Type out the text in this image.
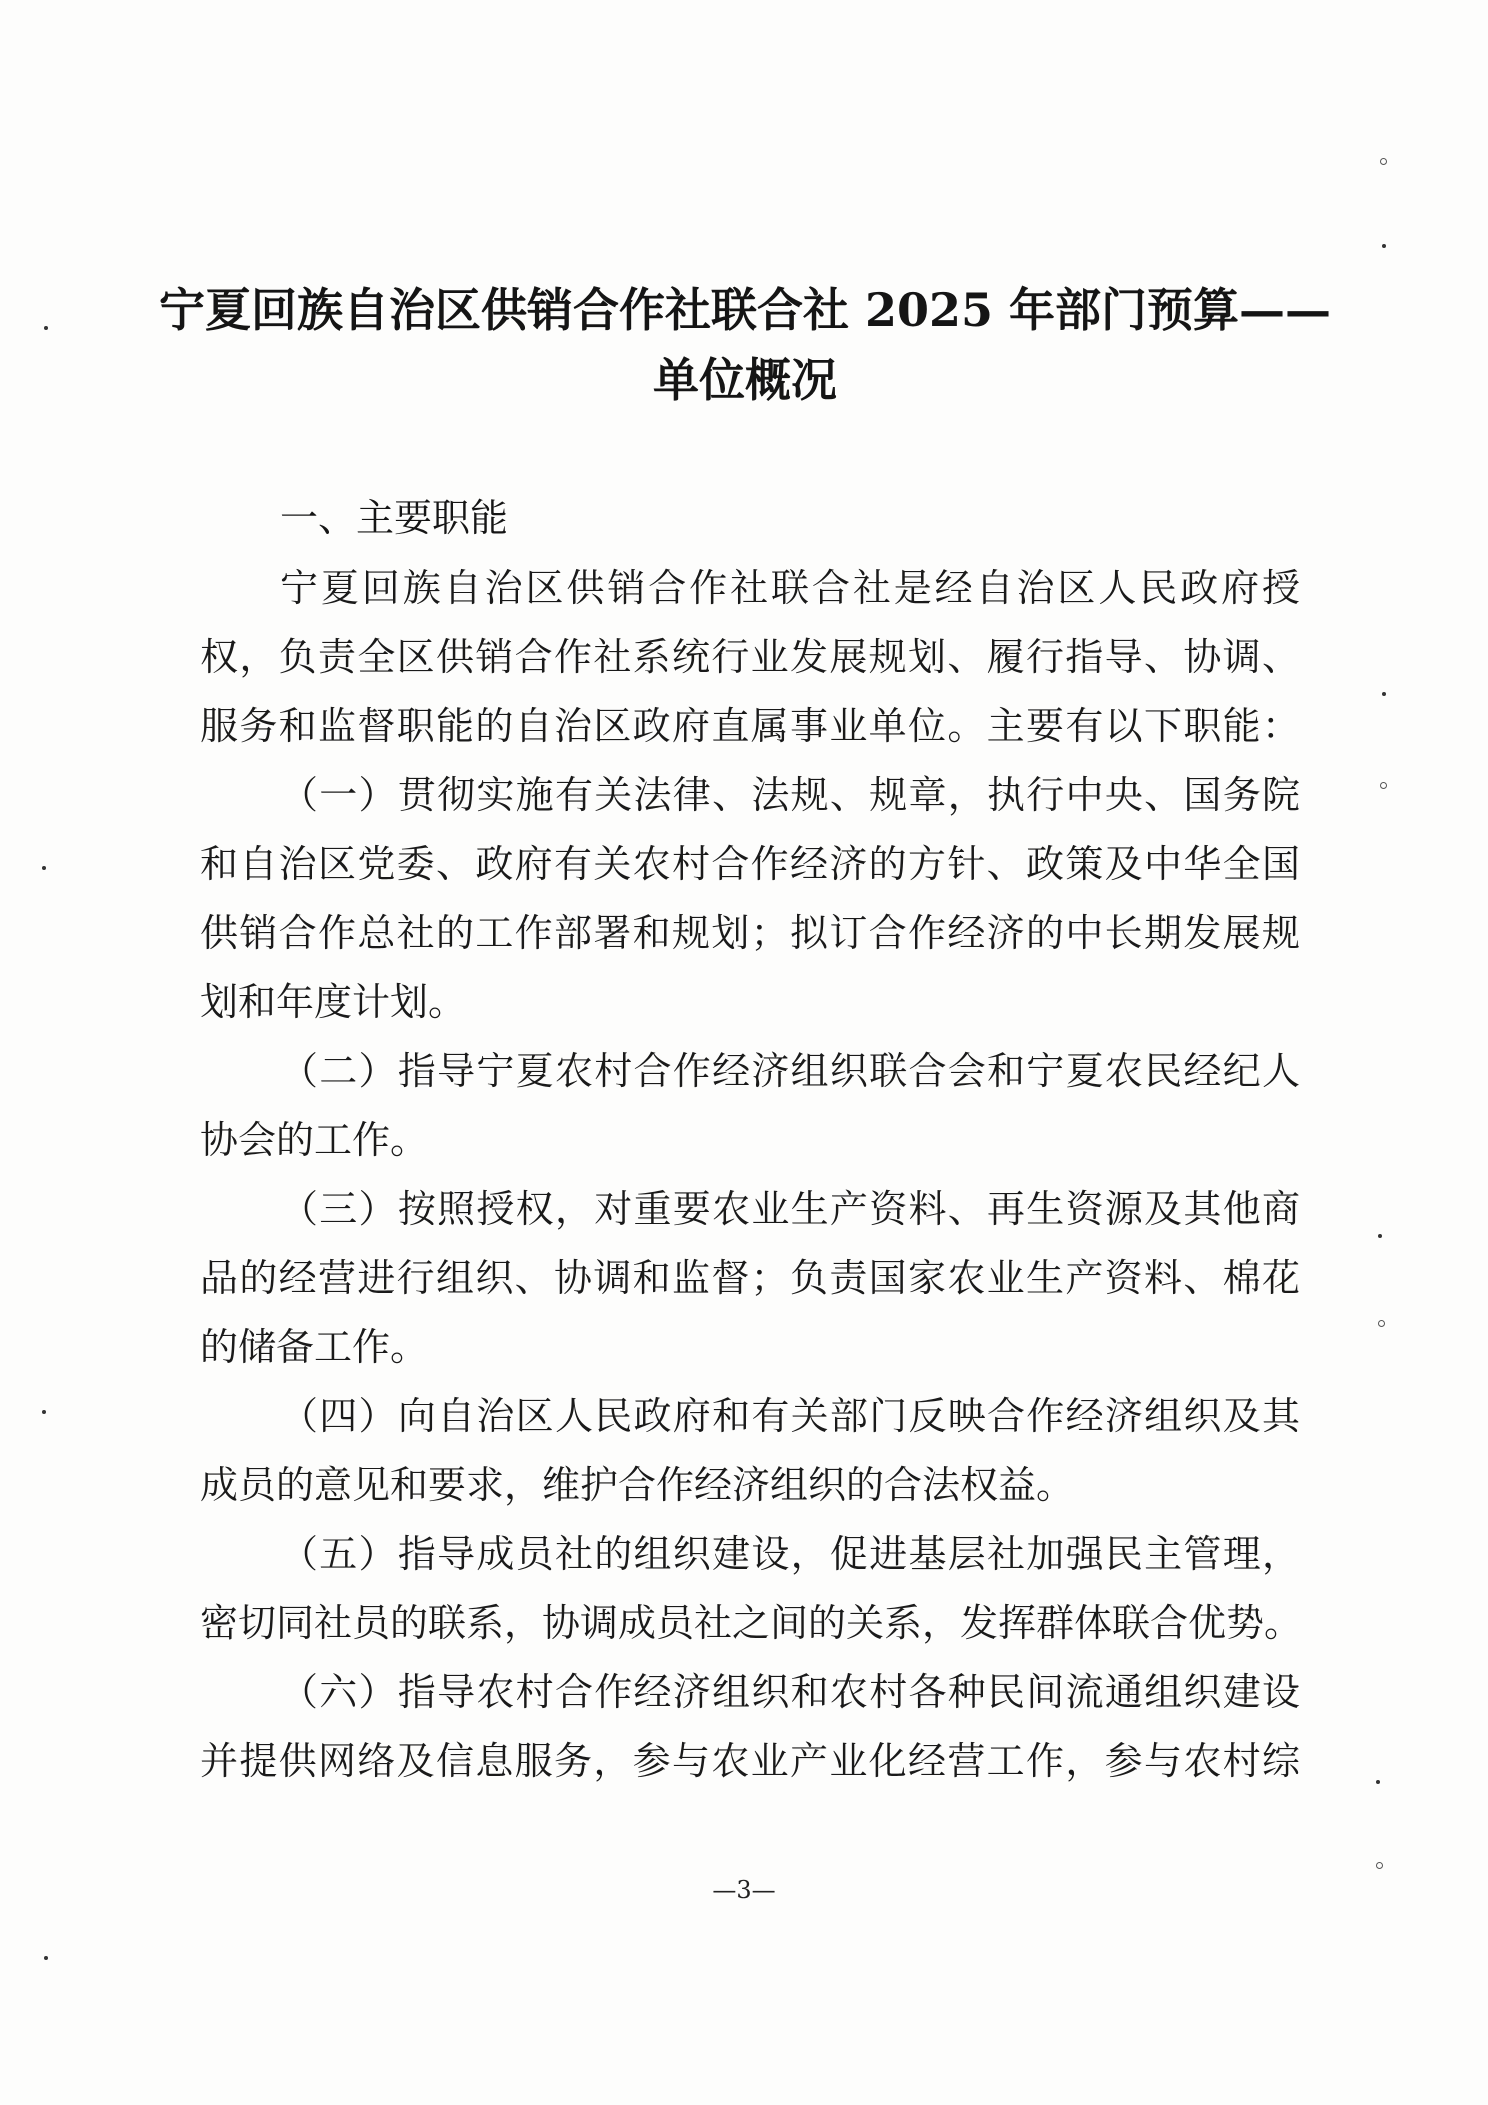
宁夏回族自治区供销合作社联合社 2025 年部门预算——
单位概况
一、主要职能
宁夏回族自治区供销合作社联合社是经自治区人民政府授
权，负责全区供销合作社系统行业发展规划、履行指导、协调、
服务和监督职能的自治区政府直属事业单位。主要有以下职能：
（一）贯彻实施有关法律、法规、规章，执行中央、国务院
和自治区党委、政府有关农村合作经济的方针、政策及中华全国
供销合作总社的工作部署和规划；拟订合作经济的中长期发展规
划和年度计划。
（二）指导宁夏农村合作经济组织联合会和宁夏农民经纪人
协会的工作。
（三）按照授权，对重要农业生产资料、再生资源及其他商
品的经营进行组织、协调和监督；负责国家农业生产资料、棉花
的储备工作。
（四）向自治区人民政府和有关部门反映合作经济组织及其
成员的意见和要求，维护合作经济组织的合法权益。
（五）指导成员社的组织建设，促进基层社加强民主管理，
密切同社员的联系，协调成员社之间的关系，发挥群体联合优势。
（六）指导农村合作经济组织和农村各种民间流通组织建设
并提供网络及信息服务，参与农业产业化经营工作，参与农村综
—3—
